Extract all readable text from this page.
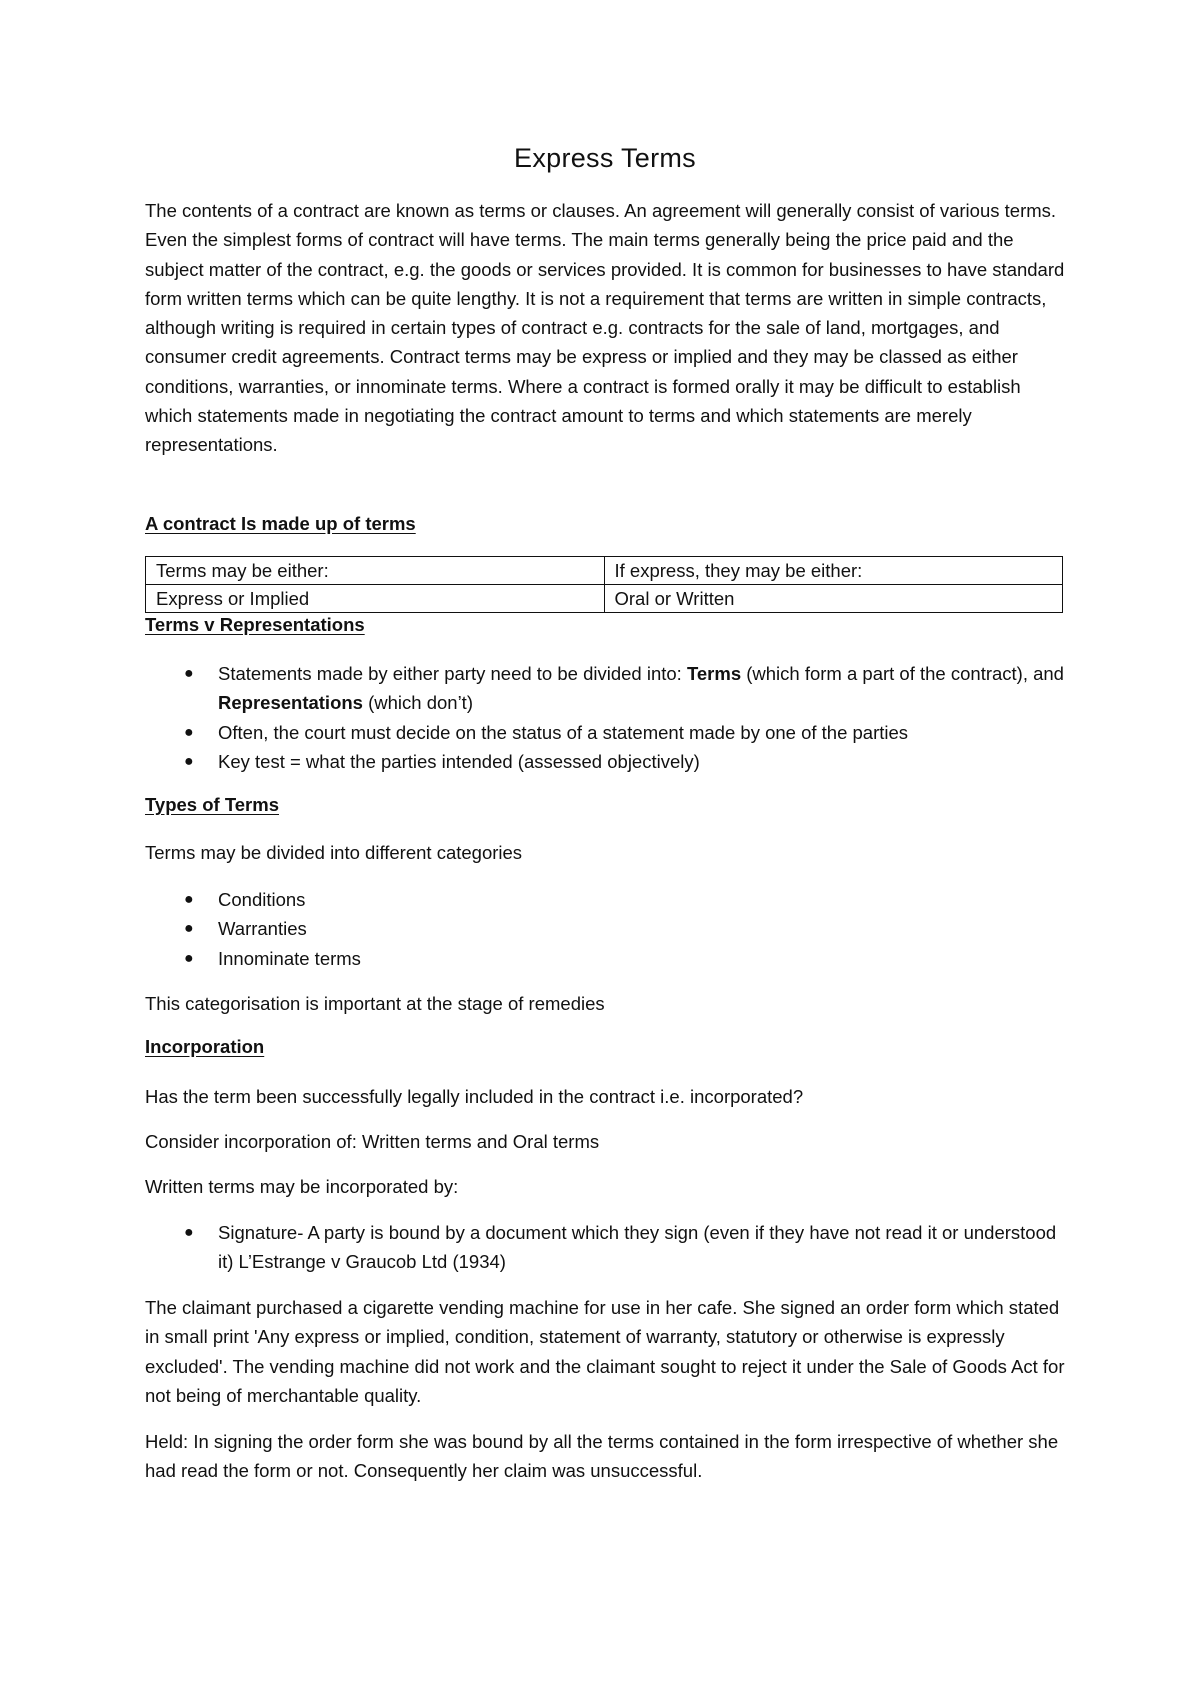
Express Terms

The contents of a contract are known as terms or clauses. An agreement will generally consist of various terms. Even the simplest forms of contract will have terms. The main terms generally being the price paid and the subject matter of the contract, e.g. the goods or services provided. It is common for businesses to have standard form written terms which can be quite lengthy. It is not a requirement that terms are written in simple contracts, although writing is required in certain types of contract e.g. contracts for the sale of land, mortgages, and consumer credit agreements. Contract terms may be express or implied and they may be classed as either conditions, warranties, or innominate terms. Where a contract is formed orally it may be difficult to establish which statements made in negotiating the contract amount to terms and which statements are merely representations.

A contract Is made up of terms
Terms may be either:	If express, they may be either:
Express or Implied	Oral or Written
Terms v Representations
● Statements made by either party need to be divided into: Terms (which form a part of the contract), and Representations (which don’t)
● Often, the court must decide on the status of a statement made by one of the parties
● Key test = what the parties intended (assessed objectively)
Types of Terms

Terms may be divided into different categories

● Conditions
● Warranties
● Innominate terms

This categorisation is important at the stage of remedies

Incorporation

Has the term been successfully legally included in the contract i.e. incorporated?

Consider incorporation of: Written terms and Oral terms

Written terms may be incorporated by:

● Signature- A party is bound by a document which they sign (even if they have not read it or understood it) L’Estrange v Graucob Ltd (1934)

The claimant purchased a cigarette vending machine for use in her cafe. She signed an order form which stated in small print 'Any express or implied, condition, statement of warranty, statutory or otherwise is expressly excluded'. The vending machine did not work and the claimant sought to reject it under the Sale of Goods Act for not being of merchantable quality.

Held: In signing the order form she was bound by all the terms contained in the form irrespective of whether she had read the form or not. Consequently her claim was unsuccessful.
